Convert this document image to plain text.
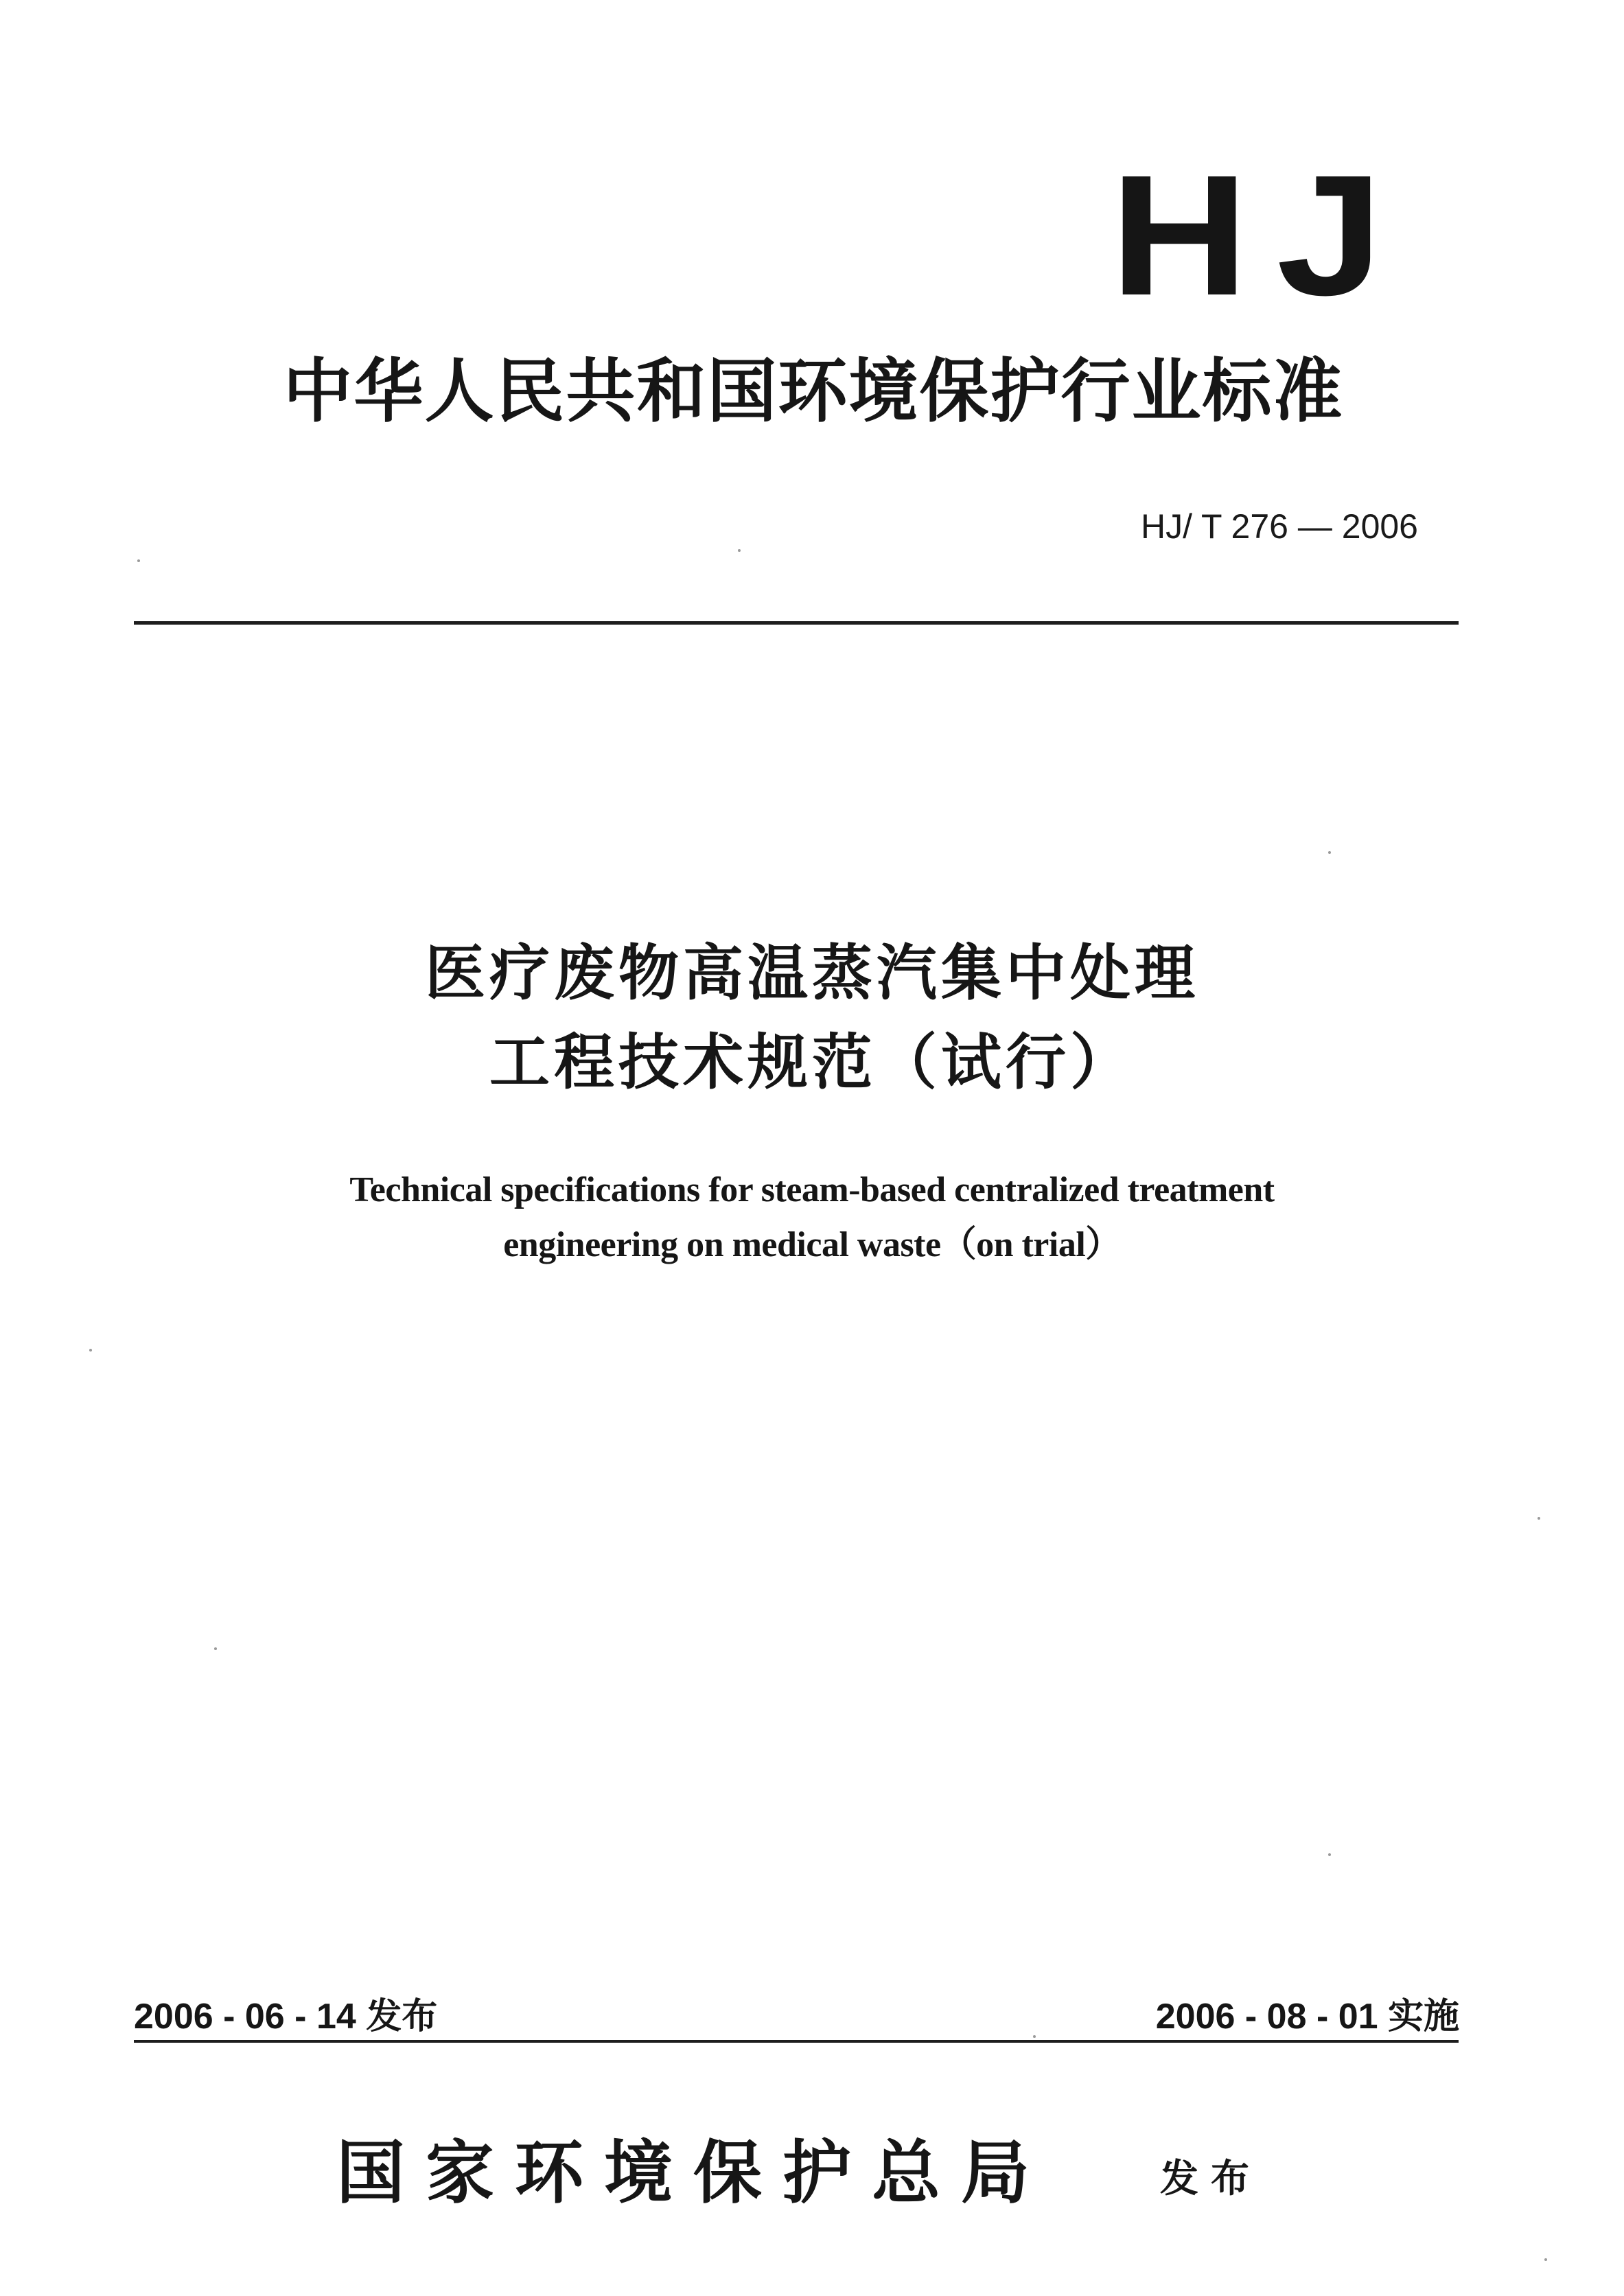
HJ
中华人民共和国环境保护行业标准
HJ/ T 276 — 2006
医疗废物高温蒸汽集中处理
工程技术规范（试行）
Technical specifications for steam-based centralized treatment
engineering on medical waste（on trial）
2006 - 06 - 14 发布	2006 - 08 - 01 实施
国家环境保护总局	发布
